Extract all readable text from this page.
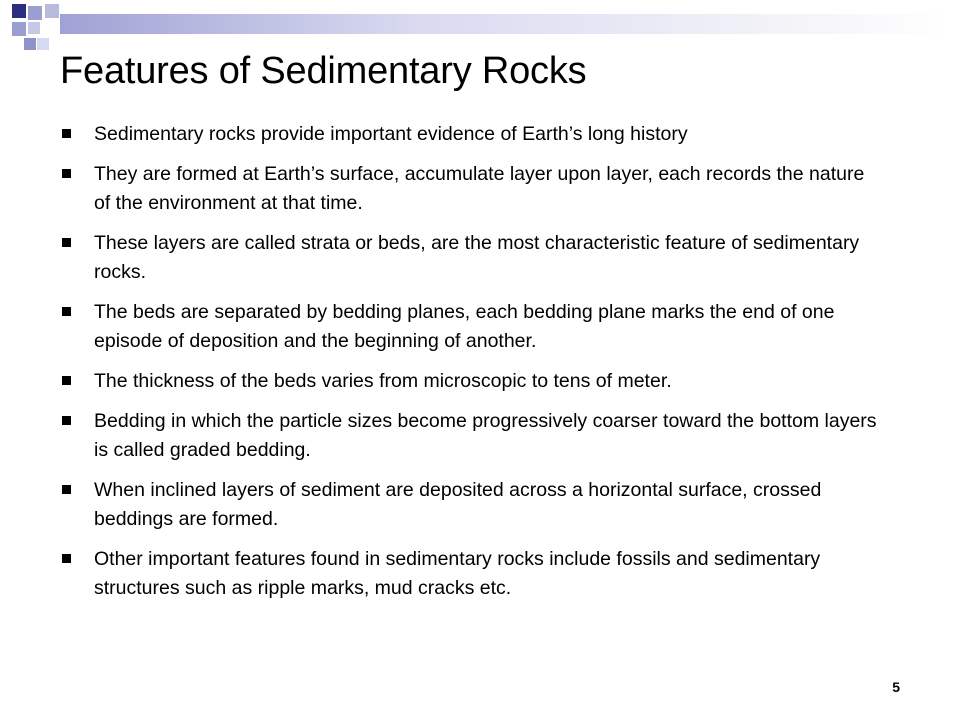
Features of Sedimentary Rocks
Sedimentary rocks provide important evidence of Earth’s long history
They are formed at Earth’s surface, accumulate layer upon layer, each records the nature of the environment at that time.
These layers are called strata or beds, are the most characteristic feature of sedimentary rocks.
The beds are separated by bedding planes, each bedding plane marks the end of one episode of deposition and the beginning of another.
The thickness of the beds varies from microscopic to tens of meter.
Bedding in which the particle sizes become progressively coarser toward the bottom layers is called graded bedding.
When inclined layers of sediment are deposited across a horizontal surface, crossed beddings are formed.
Other important features found in sedimentary rocks include fossils and sedimentary structures such as ripple marks, mud cracks etc.
5
